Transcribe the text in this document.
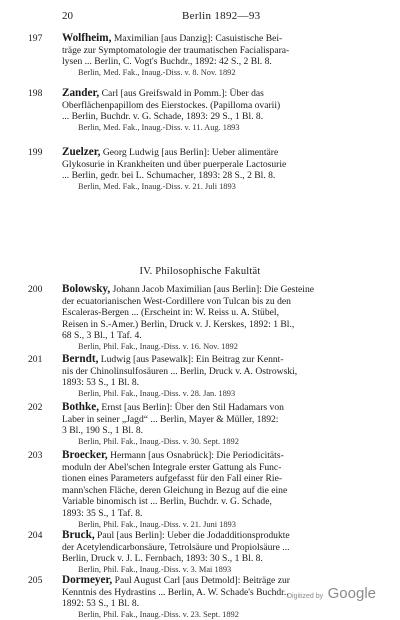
20	Berlin 1892—93
197 Wolfheim, Maximilian [aus Danzig]: Casuistische Bei-
träge zur Symptomatologie der traumatischen Facialispara-
lysen ... Berlin, C. Vogt's Buchdr., 1892: 42 S., 2 Bl. 8.
Berlin, Med. Fak., Inaug.-Diss. v. 8. Nov. 1892
198 Zander, Carl [aus Greifswald in Pomm.]: Über das
Oberflächenpapillom des Eierstockes. (Papilloma ovarii)
... Berlin, Buchdr. v. G. Schade, 1893: 29 S., 1 Bl. 8.
Berlin, Med. Fak., Inaug.-Diss. v. 11. Aug. 1893
199 Zuelzer, Georg Ludwig [aus Berlin]: Ueber alimentäre
Glykosurie in Krankheiten und über puerperale Lactosurie
... Berlin, gedr. bei L. Schumacher, 1893: 28 S., 2 Bl. 8.
Berlin, Med. Fak., Inaug.-Diss. v. 21. Juli 1893
IV. Philosophische Fakultät
200 Bolowsky, Johann Jacob Maximilian [aus Berlin]: Die Gesteine
der ecuatorianischen West-Cordillere von Tulcan bis zu den
Escaleras-Bergen ... (Erscheint in: W. Reiss u. A. Stübel,
Reisen in S.-Amer.) Berlin, Druck v. J. Kerskes, 1892: 1 Bl.,
68 S., 3 Bl., 1 Taf. 4.
Berlin, Phil. Fak., Inaug.-Diss. v. 16. Nov. 1892
201 Berndt, Ludwig [aus Pasewalk]: Ein Beitrag zur Kennt-
nis der Chinolinsulfosäuren ... Berlin, Druck v. A. Ostrowski,
1893: 53 S., 1 Bl. 8.
Berlin, Phil. Fak., Inaug.-Diss. v. 28. Jan. 1893
202 Bothke, Ernst [aus Berlin]: Über den Stil Hadamars von
Laber in seiner „Jagd“ ... Berlin, Mayer & Müller, 1892:
3 Bl., 190 S., 1 Bl. 8.
Berlin, Phil. Fak., Inaug.-Diss. v. 30. Sept. 1892
203 Broecker, Hermann [aus Osnabrück]: Die Periodicitäts-
moduln der Abel'schen Integrale erster Gattung als Func-
tionen eines Parameters aufgefasst für den Fall einer Rie-
mann'schen Fläche, deren Gleichung in Bezug auf die eine
Variable binomisch ist ... Berlin, Buchdr. v. G. Schade,
1893: 35 S., 1 Taf. 8.
Berlin, Phil. Fak., Inaug.-Diss. v. 21. Juni 1893
204 Bruck, Paul [aus Berlin]: Ueber die Jodadditionsprodukte
der Acetylendicarbonsäure, Tetrolsäure und Propiolsäure ...
Berlin, Druck v. J. L. Fernbach, 1893: 30 S., 1 Bl. 8.
Berlin, Phil. Fak., Inaug.-Diss. v. 3. Mai 1893
205 Dormeyer, Paul August Carl [aus Detmold]: Beiträge zur
Kenntnis des Hydrastins ... Berlin, A. W. Schade's Buchdr.,
1892: 53 S., 1 Bl. 8.
Berlin, Phil. Fak., Inaug.-Diss. v. 23. Sept. 1892
Digitized by Google
